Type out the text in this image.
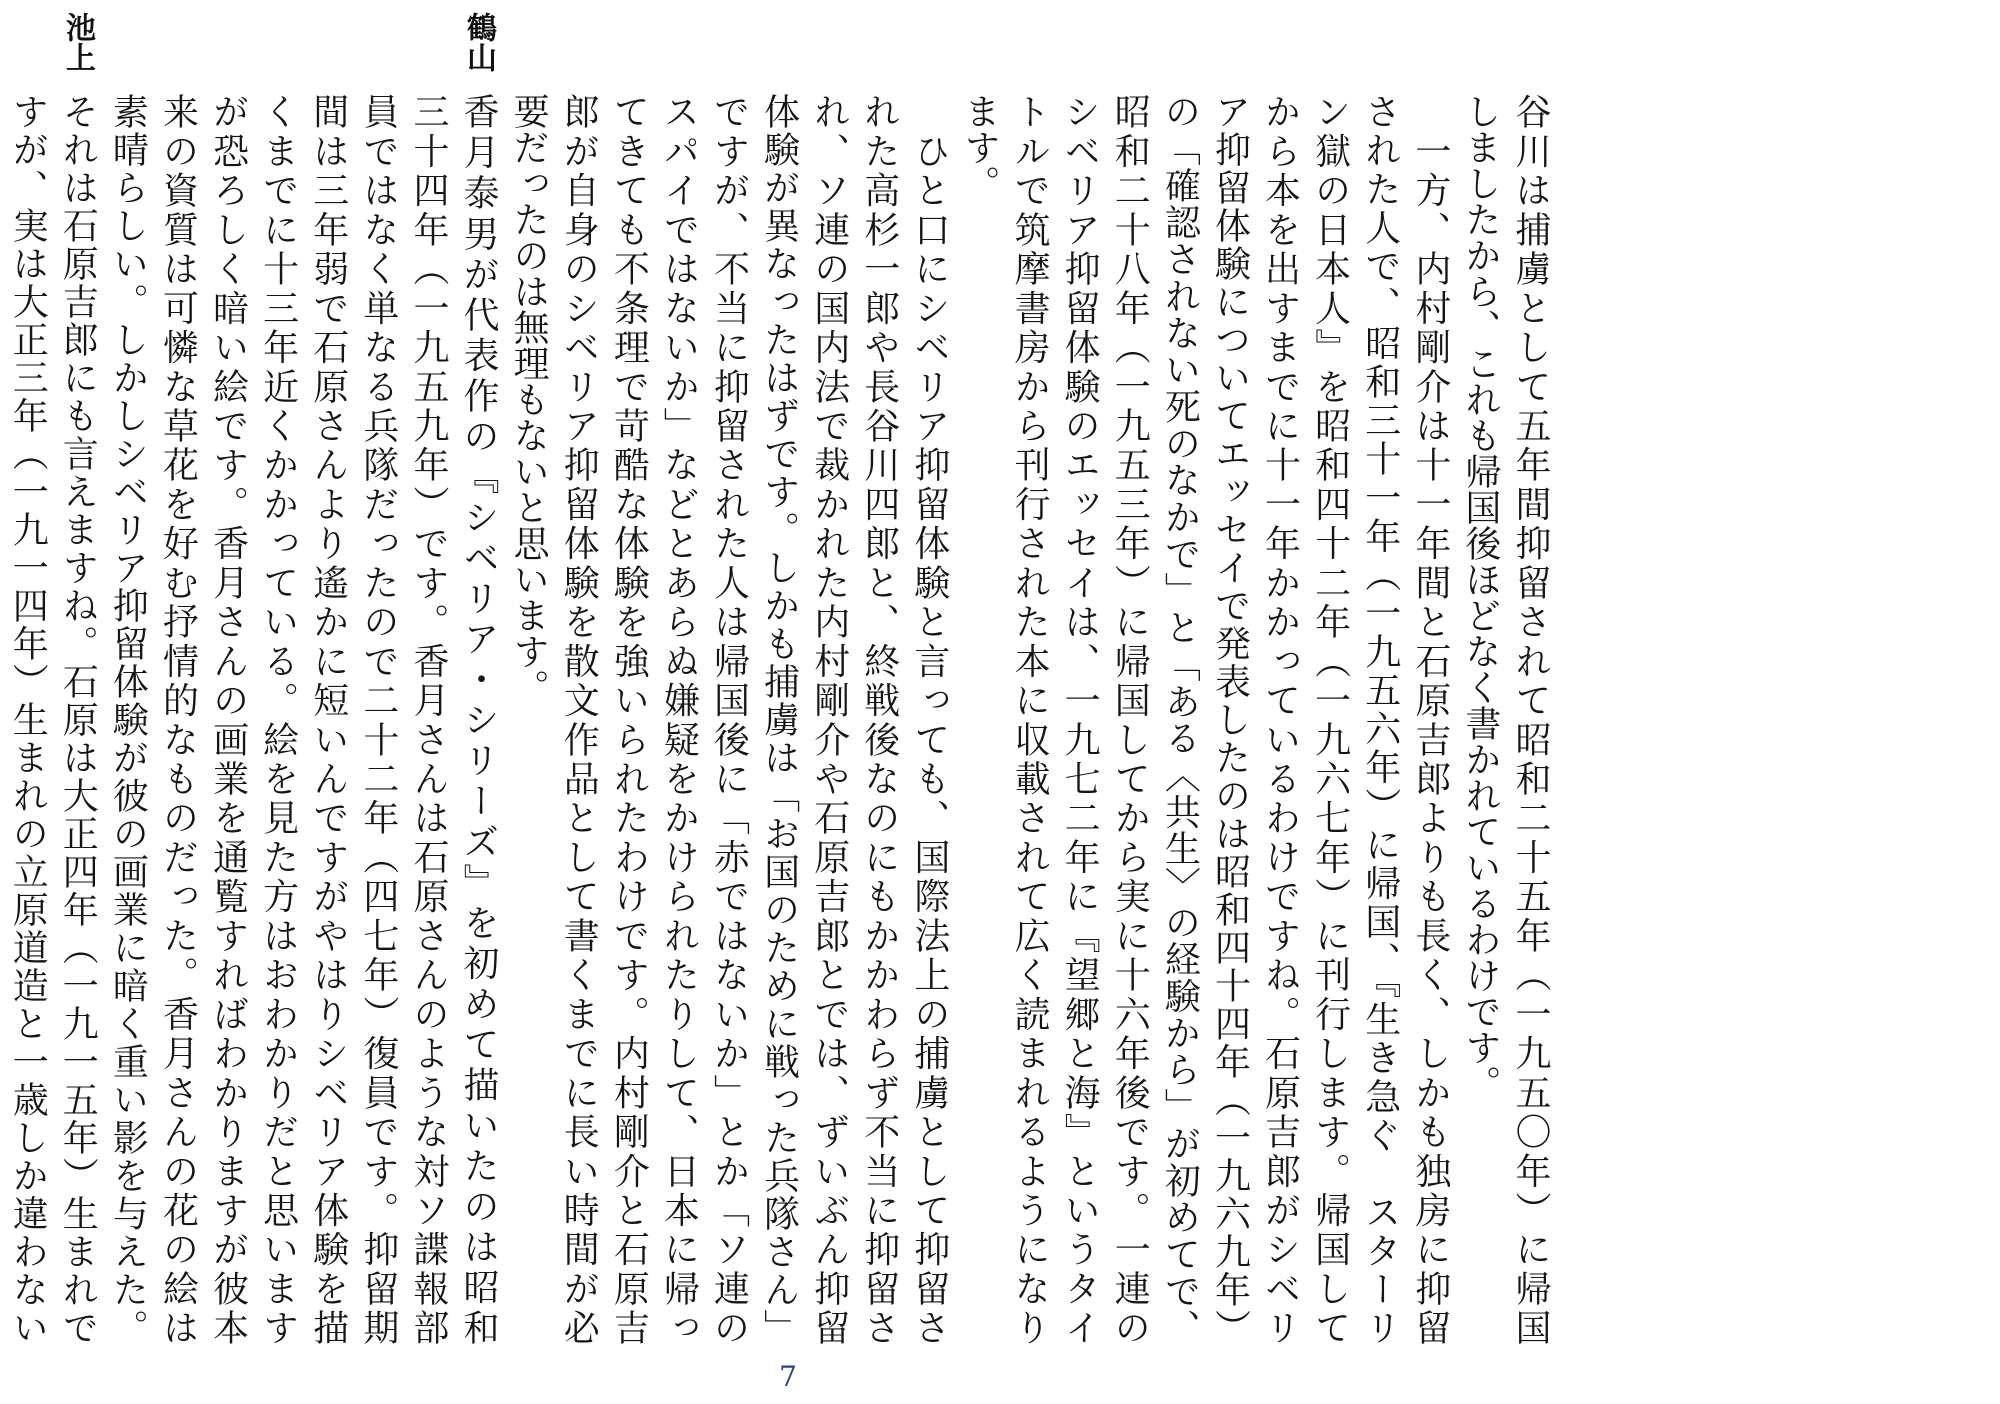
鶴山
池上
谷川は捕虜として五年間抑留されて昭和二十五年（一九五〇年）に帰国
しましたから、これも帰国後ほどなく書かれているわけです。
　一方、内村剛介は十一年間と石原吉郎よりも長く、しかも独房に抑留
された人で、昭和三十一年（一九五六年）に帰国、『生き急ぐ　スターリ
ン獄の日本人』を昭和四十二年（一九六七年）に刊行します。帰国して
から本を出すまでに十一年かかっているわけですね。石原吉郎がシベリ
ア抑留体験についてエッセイで発表したのは昭和四十四年（一九六九年）
の「確認されない死のなかで」と「ある〈共生〉の経験から」が初めてで、
昭和二十八年（一九五三年）に帰国してから実に十六年後です。一連の
シベリア抑留体験のエッセイは、一九七二年に『望郷と海』というタイ
トルで筑摩書房から刊行された本に収載されて広く読まれるようになり
ます。
　ひと口にシベリア抑留体験と言っても、国際法上の捕虜として抑留さ
れた高杉一郎や長谷川四郎と、終戦後なのにもかかわらず不当に抑留さ
れ、ソ連の国内法で裁かれた内村剛介や石原吉郎とでは、ずいぶん抑留
体験が異なったはずです。しかも捕虜は「お国のために戦った兵隊さん」
ですが、不当に抑留された人は帰国後に「赤ではないか」とか「ソ連の
スパイではないか」などとあらぬ嫌疑をかけられたりして、日本に帰っ
てきても不条理で苛酷な体験を強いられたわけです。内村剛介と石原吉
郎が自身のシベリア抑留体験を散文作品として書くまでに長い時間が必
要だったのは無理もないと思います。
香月泰男が代表作の『シベリア・シリーズ』を初めて描いたのは昭和
三十四年（一九五九年）です。香月さんは石原さんのような対ソ諜報部
員ではなく単なる兵隊だったので二十二年（四七年）復員です。抑留期
間は三年弱で石原さんより遙かに短いんですがやはりシベリア体験を描
くまでに十三年近くかかっている。絵を見た方はおわかりだと思います
が恐ろしく暗い絵です。香月さんの画業を通覧すればわかりますが彼本
来の資質は可憐な草花を好む抒情的なものだった。香月さんの花の絵は
素晴らしい。しかしシベリア抑留体験が彼の画業に暗く重い影を与えた。
それは石原吉郎にも言えますね。石原は大正四年（一九一五年）生まれで
すが、実は大正三年（一九一四年）生まれの立原道造と一歳しか違わない
7
